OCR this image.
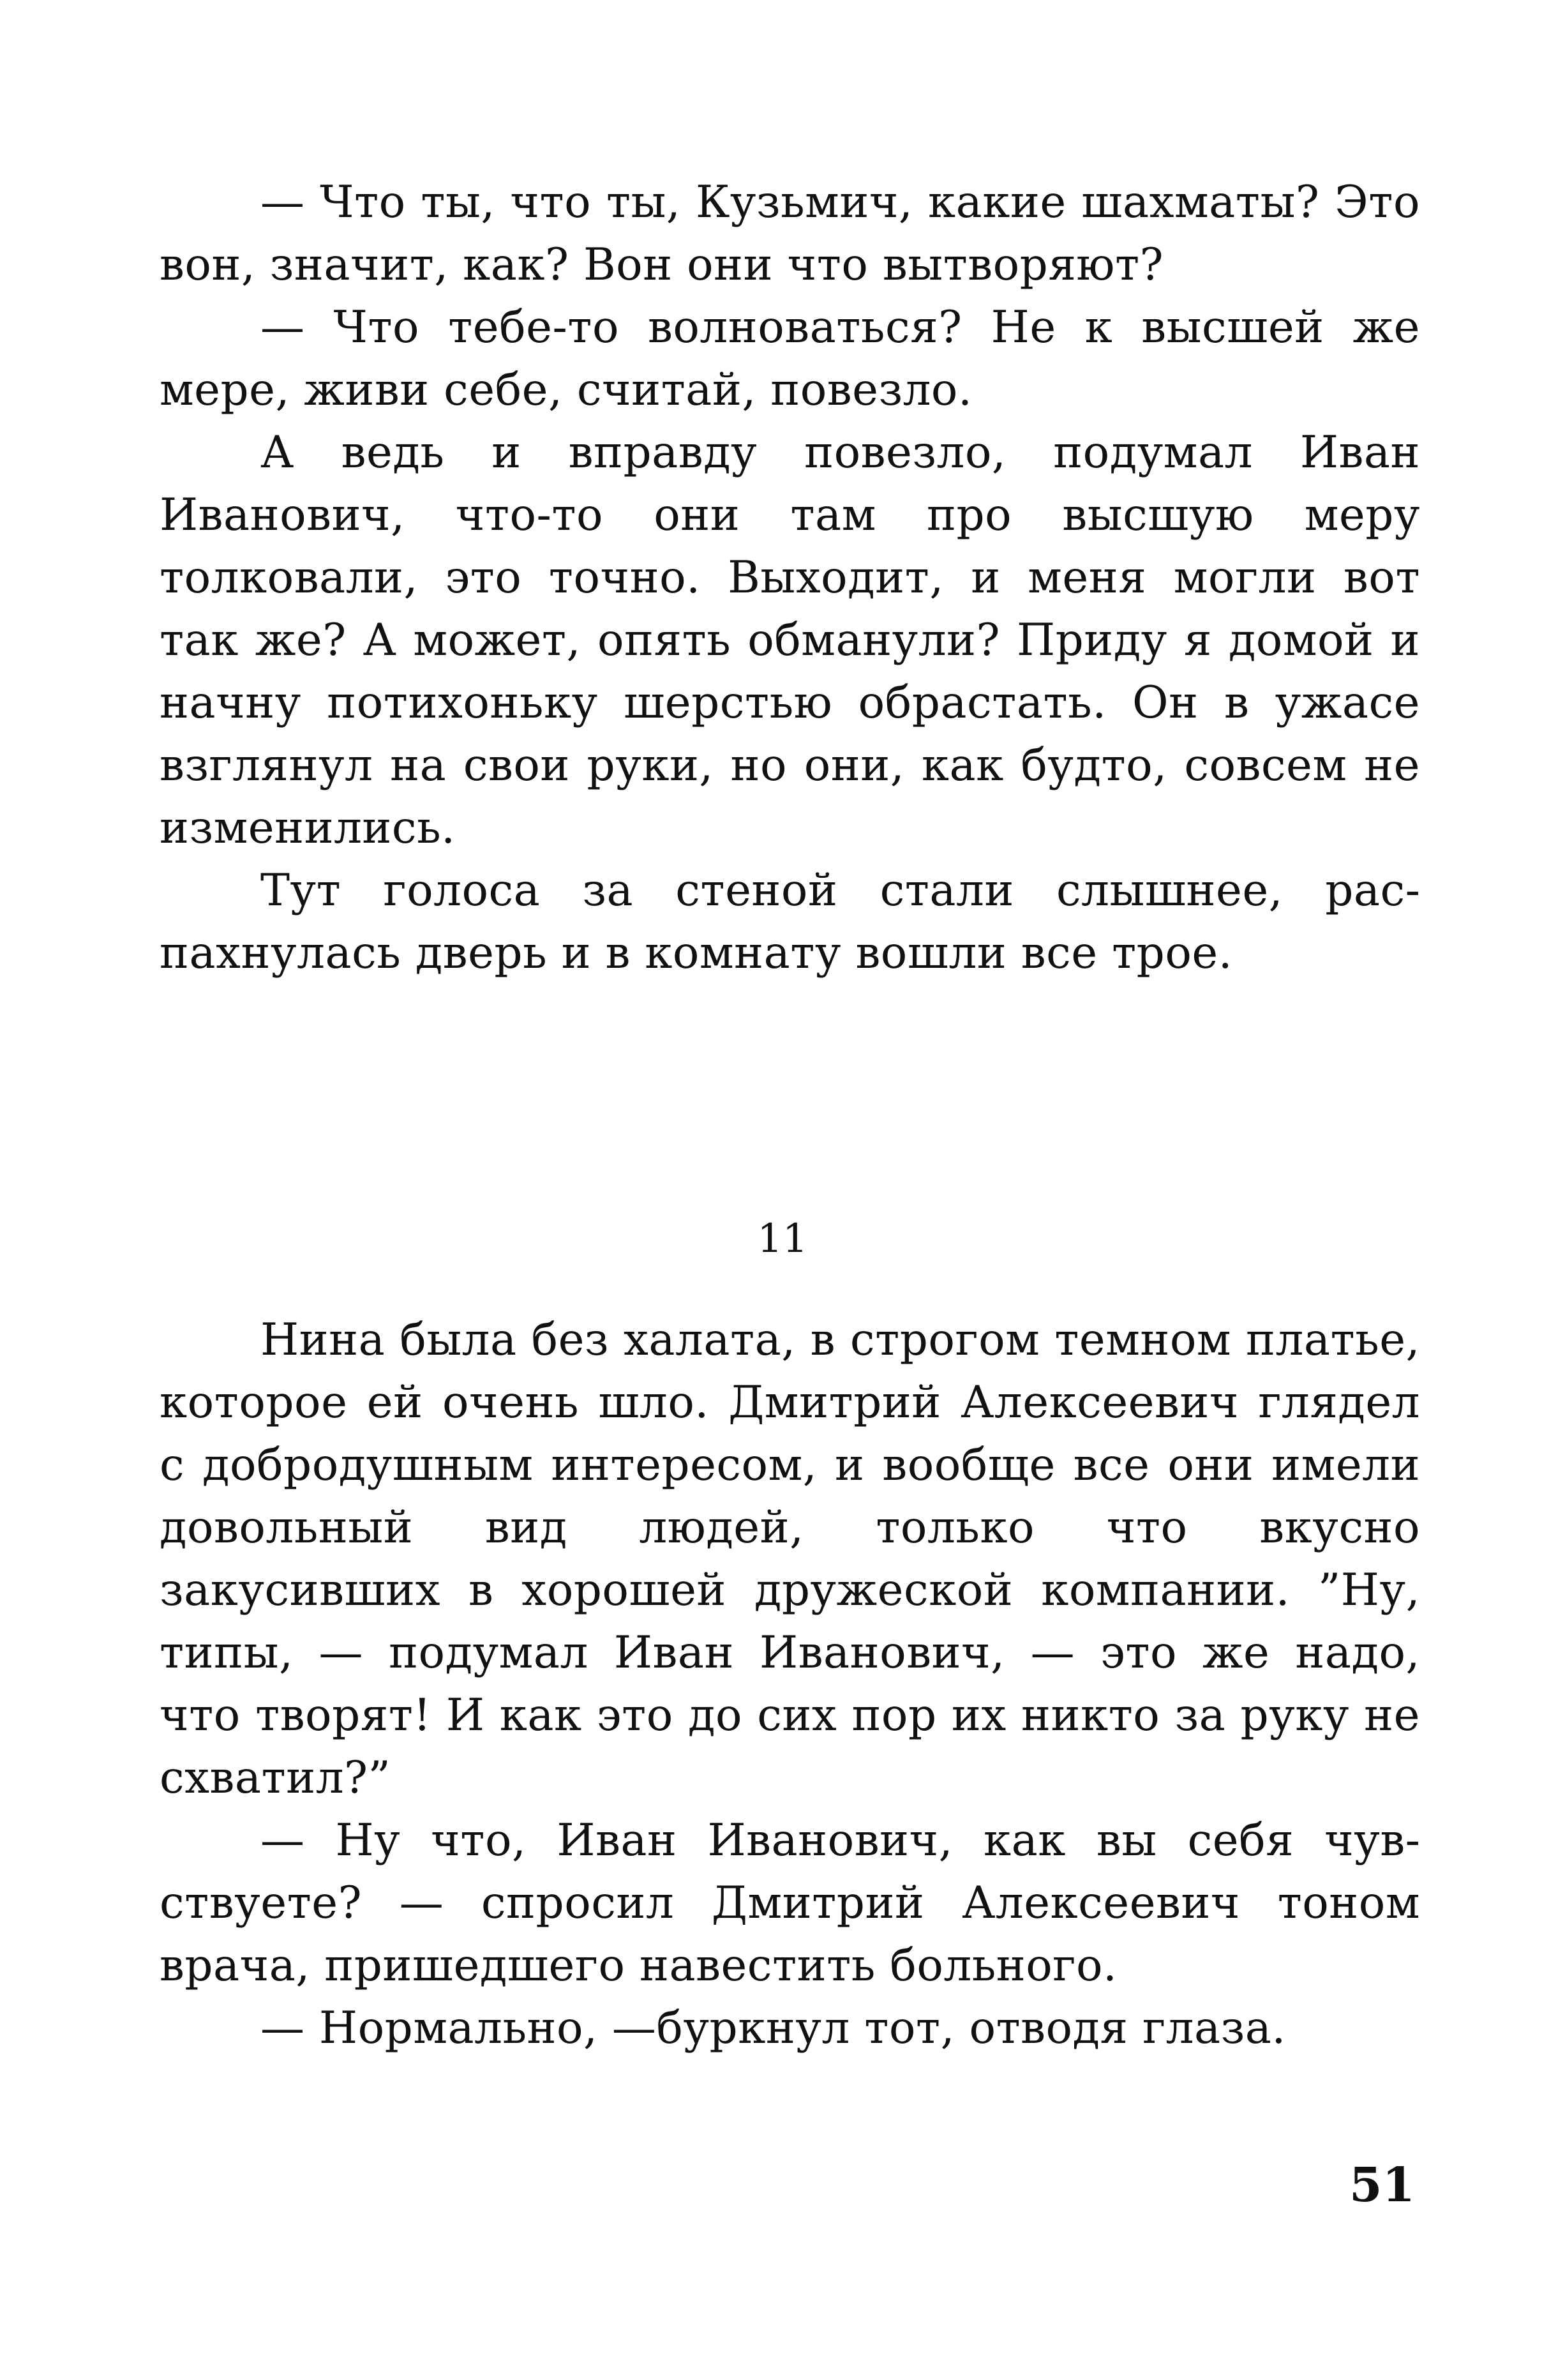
— Что ты, что ты, Кузьмич, какие шахматы? Это вон, значит, как? Вон они что вытворяют?

— Что тебе-то волноваться? Не к высшей же мере, живи себе, считай, повезло.

А ведь и вправду повезло, подумал Иван Иванович, что-то они там про высшую меру толковали, это точно. Выходит, и меня могли вот так же? А может, опять обманули? Приду я домой и начну потихоньку шерстью обрастать. Он в ужасе взглянул на свои руки, но они, как будто, совсем не изменились.

Тут голоса за стеной стали слышнее, распахнулась дверь и в комнату вошли все трое.

11

Нина была без халата, в строгом темном платье, которое ей очень шло. Дмитрий Алексеевич глядел с добродушным интересом, и вообще все они имели довольный вид людей, только что вкусно закусивших в хорошей дружеской компании. ”Ну, типы, — подумал Иван Иванович, — это же надо, что творят! И как это до сих пор их никто за руку не схватил?”

— Ну что, Иван Иванович, как вы себя чувствуете? — спросил Дмитрий Алексеевич тоном врача, пришедшего навестить больного.

— Нормально, —буркнул тот, отводя глаза.

51
